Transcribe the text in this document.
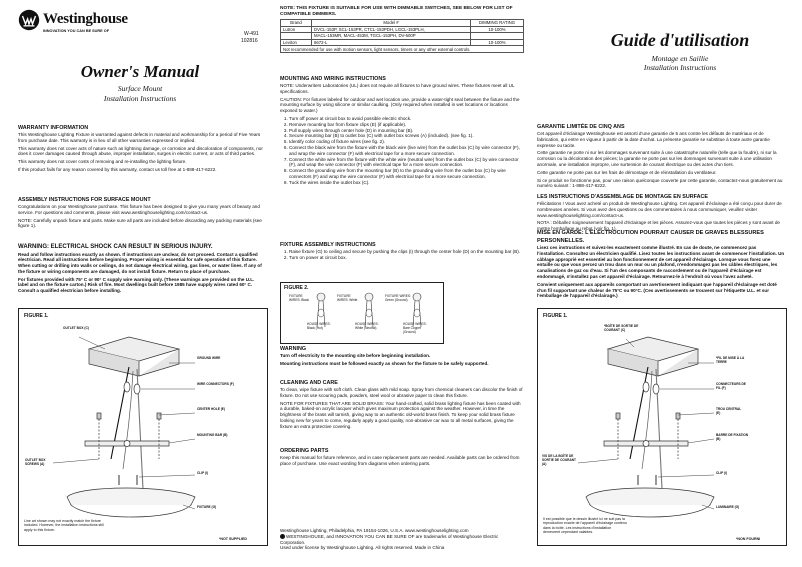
Westinghouse
INNOVATION YOU CAN BE SURE OF	W-491
102816
Owner's Manual
Surface Mount
Installation Instructions
WARRANTY INFORMATION
This Westinghouse Lighting Fixture is warranted against defects in material and workmanship for a period of Five Years from purchase date. This warranty is in lieu of all other warranties expressed or implied.
This warranty does not cover acts of nature such as lightning damage, or corrosion and discoloration of components, nor does it cover damages caused through abuse, improper installation, surges in electric current, or acts of third parties.
This warranty does not cover costs of removing and re-installing the lighting fixture.
If this product fails for any reason covered by this warranty, contact us toll free at 1-888-417-6222.
ASSEMBLY INSTRUCTIONS FOR SURFACE MOUNT
Congratulations on your Westinghouse purchase. This fixture has been designed to give you many years of beauty and service. For questions and comments, please visit www.westinghouselighting.com/contact-us.
NOTE: Carefully unpack fixture and parts. Make sure all parts are included before discarding any packing materials (see figure 1).
WARNING: ELECTRICAL SHOCK CAN RESULT IN SERIOUS INJURY.
Read and follow instructions exactly as shown. If instructions are unclear, do not proceed. Contact a qualified electrician. Read all instructions before beginning. Proper wiring is essential for safe operation of this fixture. When cutting or drilling into walls or ceilings, do not damage electrical wiring, gas lines, or water lines. If any of the fixture or wiring components are damaged, do not install fixture. Return to place of purchase.
For fixtures provided with 75° C or 90° C supply wire warning only. (These warnings are provided on the U.L. label and on the fixture carton.) Risk of fire. Most dwellings built before 1985 have supply wires rated 60° C. Consult a qualified electrician before installing.
FIGURE 1.
OUTLET BOX (C)
GROUND WIRE
WIRE CONNECTORS (F)
CENTER HOLE (E)
MOUNTING BAR (B)
OUTLET BOX SCREWS (A)
CLIP (I)
FIXTURE (G)
Line art shown may not exactly match the fixture included. However, the installation instructions still apply to this fixture.
*NOT SUPPLIED
NOTE: THIS FIXTURE IS SUITABLE FOR USE WITH DIMMABLE SWITCHES, SEE BELOW FOR LIST OF COMPATIBLE DIMMERS.
Brand	Model #	DIMMING RATING
Lutron	DVCL-153P, SCL-153PR, CTCL-153PDH, LGCL-153PLH,	10-100%
	MACL-153MR, MACL-453M, TGCL-153PH, DV-600P	
Leviton	6672-L	10-100%
Not recommended for use with motion sensors, light sensors, timers or any other external controls.		
MOUNTING AND WIRING INSTRUCTIONS
NOTE: Underwriters Laboratories (UL) does not require all fixtures to have ground wires. These fixtures meet all UL specifications.
CAUTION: For fixtures labeled for outdoor and wet location use, provide a water-tight seal between the fixture and the mounting surface by using silicone or similar caulking. (Only required when installed in wet locations or locations exposed to water.)
1. Turn off power at circuit box to avoid possible electric shock.
2. Remove mounting bar from fixture clips (E) (if applicable).
3. Pull supply wires through center hole (D) in mounting bar (B).
4. Secure mounting bar (B) to outlet box (C) with outlet box screws (A) (included). (see fig. 1).
5. Identify color coding of fixture wires (see fig. 2).
6. Connect the black wire from the fixture with the black wire (live wire) from the outlet box (C) by wire connector (F), and wrap the wire connector (F) with electrical tape for a more secure connection.
7. Connect the white wire from the fixture with the white wire (neutral wire) from the outlet box (C) by wire connector (F), and wrap the wire connector (F) with electrical tape for a more secure connection.
8. Connect the grounding wire from the mounting bar (B) to the grounding wire from the outlet box (C) by wire connectors (F) and wrap the wire connector (F) with electrical tape for a more secure connection.
9. Tuck the wires inside the outlet box (C).
FIXTURE ASSEMBLY INSTRUCTIONS
1. Raise fixture (G) to ceiling and secure by pushing the clips (I) through the center hole (D) on the mounting bar (B).
2. Turn on power at circuit box.
FIGURE 2.
FIXTURE WIRES: Black
HOUSE WIRES: Black (Hot)
FIXTURE WIRES: White
HOUSE WIRES: White (Neutral)
FIXTURE WIRES: Green (Ground)
HOUSE WIRES: Bare Copper (Ground)
WARNING
Turn off electricity to the mounting site before beginning installation.
Mounting instructions must be followed exactly as shown for the fixture to be safely supported.
CLEANING AND CARE
To clean, wipe fixture with soft cloth. Clean glass with mild soap. Spray from chemical cleaners can discolor the finish of fixture. Do not use scouring pads, powders, steel wool or abrasive paper to clean this fixture.
NOTE FOR FIXTURES THAT ARE SOLID BRASS: Your hand-crafted, solid brass lighting fixture has been coated with a durable, baked-on acrylic lacquer which gives maximum protection against the weather. However, in time the brightness of the brass will tarnish, giving way to an authentic old-world brass finish. To keep your solid brass fixture looking new for years to come, regularly apply a good quality, non-abrasive car wax to all metal surfaces, giving the fixture an extra protective covering.
ORDERING PARTS
Keep this manual for future reference, and in case replacement parts are needed. Available parts can be ordered from place of purchase. Use exact wording from diagrams when ordering parts.
Westinghouse Lighting, Philadelphia, PA 19154-1026, U.S.A. www.westinghouselighting.com
WESTINGHOUSE, and INNOVATION YOU CAN BE SURE OF are trademarks of Westinghouse Electric Corporation.
Used under license by Westinghouse Lighting. All rights reserved. Made in China
Guide d'utilisation
Montage en Saillie
Installation Instructions
GARANTIE LIMITÉE DE CINQ ANS
Cet appareil d'éclairage Westinghouse est assorti d'une garantie de 5 ans contre les défauts de matériaux et de fabrication, qui entre en vigueur à partir de la date d'achat. La présente garantie se substitue à toute autre garantie expresse ou tacite.
Cette garantie ne porte ni sur les dommages survenant suite à une catastrophe naturelle (telle que la foudre), ni sur la corrosion ou la décoloration des pièces; la garantie ne porte pas sur les dommages survenant suite à une utilisation anormale, une installation impropre, une surtension de courant électrique ou des actes d'un tiers.
Cette garantie ne porte pas sur les frais de démontage et de réinstallation du ventilateur.
Si ce produit ne fonctionne pas, pour une raison quelconque couverte par cette garantie, contactez-nous gratuitement au numéro suivant : 1-888-417-6222.
LES INSTRUCTIONS D'ASSEMBLAGE DE MONTAGE EN SURFACE
Félicitations ! Vous avez acheté un produit de Westinghouse Lighting. Cet appareil d'éclairage a été conçu pour durer de nombreuses années. Si vous avez des questions ou des commentaires à nous communiquer, veuillez visiter www.westinghouselighting.com/contact-us.
NOTA : Déballez soigneusement l'appareil d'éclairage et les pièces. Assurez-vous que toutes les pièces y sont avant de mettre l'emballage au rebut (voir fig. 1).
MISE EN GARDE: L'ÉLECTROCUTION POURRAIT CAUSER DE GRAVES BLESSURES PERSONNELLES.
Lisez ces instructions et suivez-les exactement comme illustré. En cas de doute, ne commencez pas l'installation. Consultez un électricien qualifié. Lisez toutes les instructions avant de commencer l'installation. Un câblage approprié est essentiel au bon fonctionnement de cet appareil d'éclairage. Lorsque vous forez une entaille ou que vous percez un trou dans un mur ou un plafond, n'endommagez pas les câbles électriques, les canalisations de gaz ou d'eau. Si l'un des composants de raccordement ou de l'appareil d'éclairage est endommagé, n'installez pas cet appareil d'éclairage. Retournez-le à l'endroit où vous l'avez acheté.
Convient uniquement aux appareils comportant un avertissement indiquant que l'appareil d'éclairage est doté d'un fil supportant une chaleur de 75°C ou 90°C. (Ces avertissements se trouvent sur l'étiquette U.L. et sur l'emballage de l'appareil d'éclairage.)
FIGURE 1.
*BOÎTE DE SORTIE DE COURANT (C)
*FIL DE MISE À LA TERRE
CONNECTEURS DE FIL (F)
TROU CENTRAL (E)
BARRE DE FIXATION (B)
VIS DE LA BOÎTE DE SORTIE DE COURANT (A)
CLIP (I)
LUMINAIRE (G)
Il est possible que le dessin illustré ici ne soit pas la reproduction exacte de l'appareil d'éclairage contenu dans la boîte. Les instructions d'installation demeurent cependant valables.
*NON FOURNI
